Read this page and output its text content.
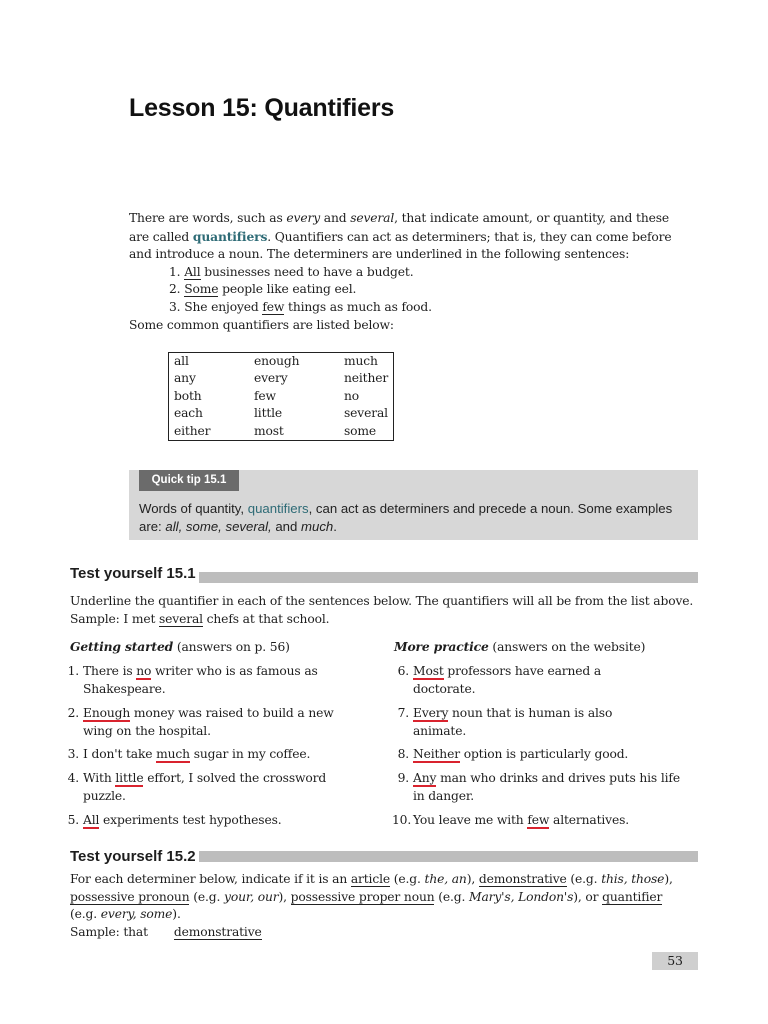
Lesson 15: Quantifiers
There are words, such as every and several, that indicate amount, or quantity, and these
are called quantifiers. Quantifiers can act as determiners; that is, they can come before
and introduce a noun. The determiners are underlined in the following sentences:
1. All businesses need to have a budget.
2. Some people like eating eel.
3. She enjoyed few things as much as food.
Some common quantifiers are listed below:
all	enough	much
any	every	neither
both	few	no
each	little	several
either	most	some
Quick tip 15.1
Words of quantity, quantifiers, can act as determiners and precede a noun. Some examples
are: all, some, several, and much.
Test yourself 15.1
Underline the quantifier in each of the sentences below. The quantifiers will all be from the list above.
Sample: I met several chefs at that school.
Getting started (answers on p. 56)	More practice (answers on the website)
1. There is no writer who is as famous as
Shakespeare.
2. Enough money was raised to build a new
wing on the hospital.
3. I don't take much sugar in my coffee.
4. With little effort, I solved the crossword
puzzle.
5. All experiments test hypotheses.
6. Most professors have earned a
doctorate.
7. Every noun that is human is also
animate.
8. Neither option is particularly good.
9. Any man who drinks and drives puts his life
in danger.
10. You leave me with few alternatives.
Test yourself 15.2
For each determiner below, indicate if it is an article (e.g. the, an), demonstrative (e.g. this, those),
possessive pronoun (e.g. your, our), possessive proper noun (e.g. Mary's, London's), or quantifier
(e.g. every, some).
Sample: that demonstrative
53
